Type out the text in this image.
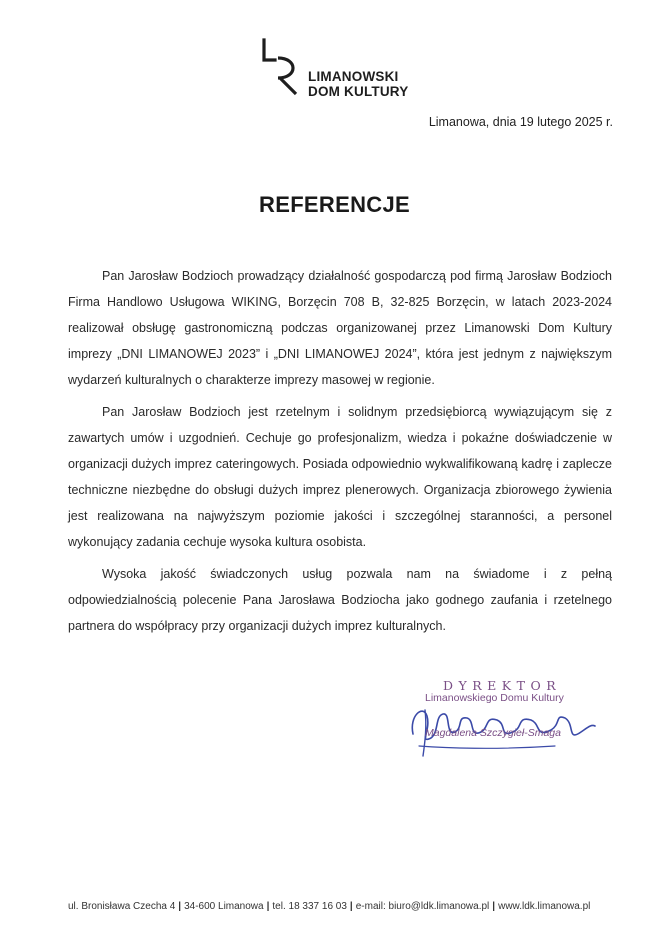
LIMANOWSKI
DOM KULTURY
Limanowa, dnia 19 lutego 2025 r.
REFERENCJE

Pan Jarosław Bodzioch prowadzący działalność gospodarczą pod firmą Jarosław Bodzioch Firma Handlowo Usługowa WIKING, Borzęcin 708 B, 32-825 Borzęcin, w latach 2023-2024 realizował obsługę gastronomiczną podczas organizowanej przez Limanowski Dom Kultury imprezy „DNI LIMANOWEJ 2023” i „DNI LIMANOWEJ 2024”, która jest jednym z największym wydarzeń kulturalnych o charakterze imprezy masowej w regionie.

Pan Jarosław Bodzioch jest rzetelnym i solidnym przedsiębiorcą wywiązującym się z zawartych umów i uzgodnień. Cechuje go profesjonalizm, wiedza i pokaźne doświadczenie w organizacji dużych imprez cateringowych. Posiada odpowiednio wykwalifikowaną kadrę i zaplecze techniczne niezbędne do obsługi dużych imprez plenerowych. Organizacja zbiorowego żywienia jest realizowana na najwyższym poziomie jakości i szczególnej staranności, a personel wykonujący zadania cechuje wysoka kultura osobista.

Wysoka jakość świadczonych usług pozwala nam na świadome i z pełną odpowiedzialnością polecenie Pana Jarosława Bodziocha jako godnego zaufania i rzetelnego partnera do współpracy przy organizacji dużych imprez kulturalnych.

DYREKTOR
Limanowskiego Domu Kultury
Magdalena Szczygieł-Smaga
ul. Bronisława Czecha 4 | 34-600 Limanowa | tel. 18 337 16 03 | e-mail: biuro@ldk.limanowa.pl | www.ldk.limanowa.pl
